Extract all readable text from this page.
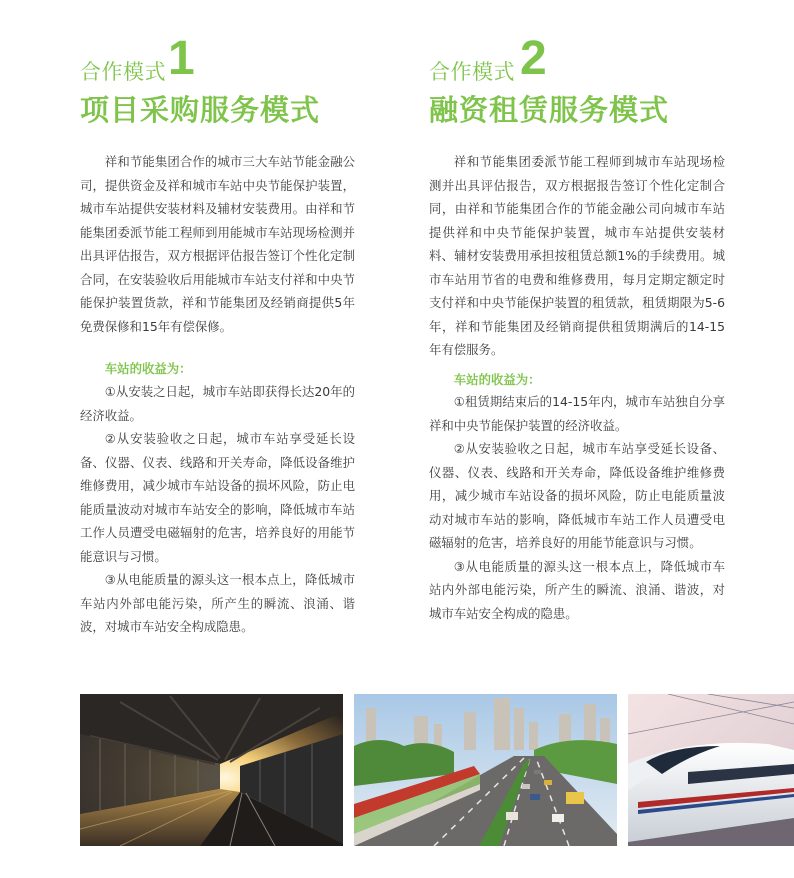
合作模式 1
项目采购服务模式

祥和节能集团合作的城市三大车站节能金融公司，提供资金及祥和城市车站中央节能保护装置，城市车站提供安装材料及辅材安装费用。由祥和节能集团委派节能工程师到用能城市车站现场检测并出具评估报告，双方根据评估报告签订个性化定制合同，在安装验收后用能城市车站支付祥和中央节能保护装置货款，祥和节能集团及经销商提供5年免费保修和15年有偿保修。

车站的收益为：

①从安装之日起，城市车站即获得长达20年的经济收益。

②从安装验收之日起，城市车站享受延长设备、仪器、仪表、线路和开关寿命，降低设备维护维修费用，减少城市车站设备的损坏风险，防止电能质量波动对城市车站安全的影响，降低城市车站工作人员遭受电磁辐射的危害，培养良好的用能节能意识与习惯。

③从电能质量的源头这一根本点上，降低城市车站内外部电能污染，所产生的瞬流、浪涌、谐波，对城市车站安全构成隐患。

合作模式 2
融资租赁服务模式

祥和节能集团委派节能工程师到城市车站现场检测并出具评估报告，双方根据报告签订个性化定制合同，由祥和节能集团合作的节能金融公司向城市车站提供祥和中央节能保护装置，城市车站提供安装材料、辅材安装费用承担按租赁总额1%的手续费用。城市车站用节省的电费和维修费用，每月定期定额定时支付祥和中央节能保护装置的租赁款，租赁期限为5-6年，祥和节能集团及经销商提供租赁期满后的14-15年有偿服务。

车站的收益为：

①租赁期结束后的14-15年内，城市车站独自分享祥和中央节能保护装置的经济收益。

②从安装验收之日起，城市车站享受延长设备、仪器、仪表、线路和开关寿命，降低设备维护维修费用，减少城市车站设备的损坏风险，防止电能质量波动对城市车站的影响，降低城市车站工作人员遭受电磁辐射的危害，培养良好的用能节能意识与习惯。

③从电能质量的源头这一根本点上，降低城市车站内外部电能污染，所产生的瞬流、浪涌、谐波，对城市车站安全构成的隐患。
